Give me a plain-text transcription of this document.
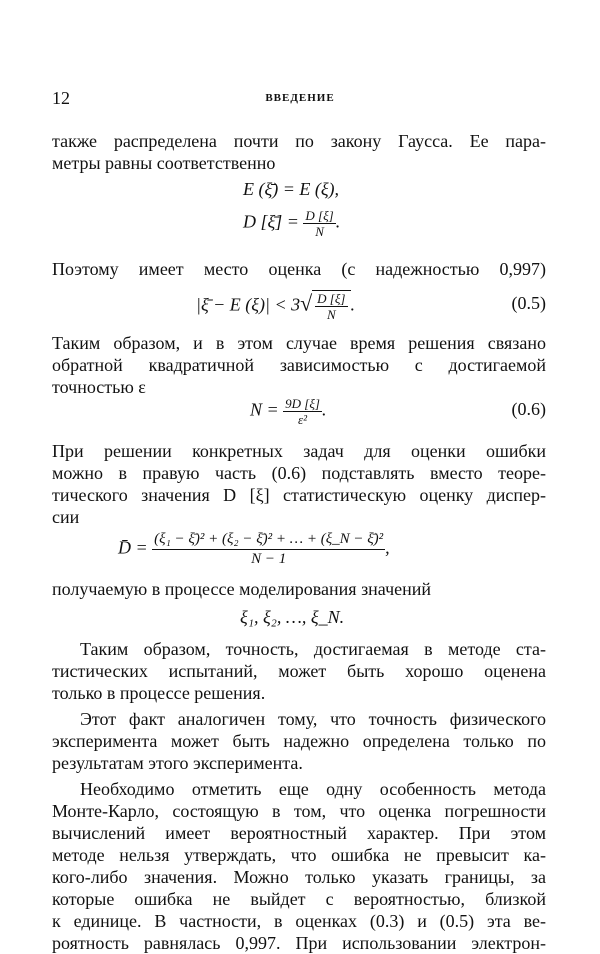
12	ВВЕДЕНИЕ
также распределена почти по закону Гаусса. Ее пара-
метры равны соответственно
E (ξ̄) = E (ξ),
D [ξ̄] = $\frac{D [\xi]}{N}$ .
Поэтому имеет место оценка (с надежностью 0,997)
|ξ̄ − E $(\xi)| < 3√ \frac{D [\xi]}{N}$ .	(0.5)
Таким образом, и в этом случае время решения связано
обратной квадратичной зависимостью с достигаемой
точностью ε
$N = \frac{9D [\xi]}{\text{ε²}}$ .	(0.6)
При решении конкретных задач для оценки ошибки
можно в правую часть (0.6) подставлять вместо теоре-
тического значения D [ξ] статистическую оценку диспер-
сии
D̄ = $\frac{\text{(ξ₁ − ξ̄)² + (ξ₂ − ξ̄)² + … + (ξ\_N − ξ̄)²}}{N - 1}$ ,
получаемую в процессе моделирования значений
ξ₁, ξ₂, …, ξ_N.
Таким образом, точность, достигаемая в методе ста-
тистических испытаний, может быть хорошо оценена
только в процессе решения.
Этот факт аналогичен тому, что точность физического
эксперимента может быть надежно определена только по
результатам этого эксперимента.
Необходимо отметить еще одну особенность метода
Монте-Карло, состоящую в том, что оценка погрешности
вычислений имеет вероятностный характер. При этом
методе нельзя утверждать, что ошибка не превысит ка-
кого-либо значения. Можно только указать границы, за
которые ошибка не выйдет с вероятностью, близкой
к единице. В частности, в оценках (0.3) и (0.5) эта ве-
роятность равнялась 0,997. При использовании электрон-
